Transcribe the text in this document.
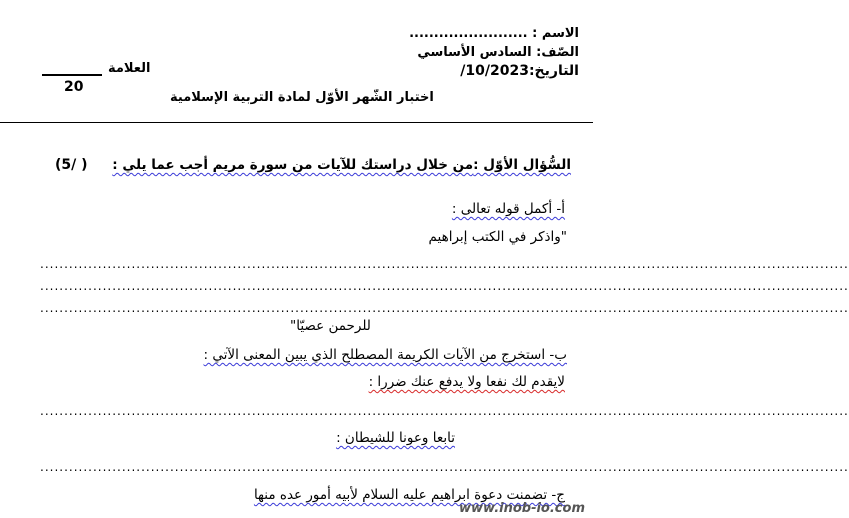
الاسم : ........................
الصّف: السادس الأساسي
التاريخ:10/2023/
العلامة
20
اختبار الشّهر الأوّل لمادة التربية الإسلامية
السُّؤال الأوّل :من خلال دراستك للآيات من سورة مريم أجب عما يلي :
(5/ )
أ- أكمل قوله تعالى :
"واذكر في الكتب إبراهيم
........................................................................................................................................................................
........................................................................................................................................................................
........................................................................................................................................................................
للرحمن عصيّا"
ب- استخرج من الآيات الكريمة المصطلح الذي يبين المعنى الآتي :
لايقدم لك نفعا ولا يدفع عنك ضررا :
........................................................................................................................................................................
تابعا وعونا للشيطان :
........................................................................................................................................................................
ج- تضمنت دعوة ابراهيم عليه السلام لأبيه أمور عده منها
www.inob-io.com
